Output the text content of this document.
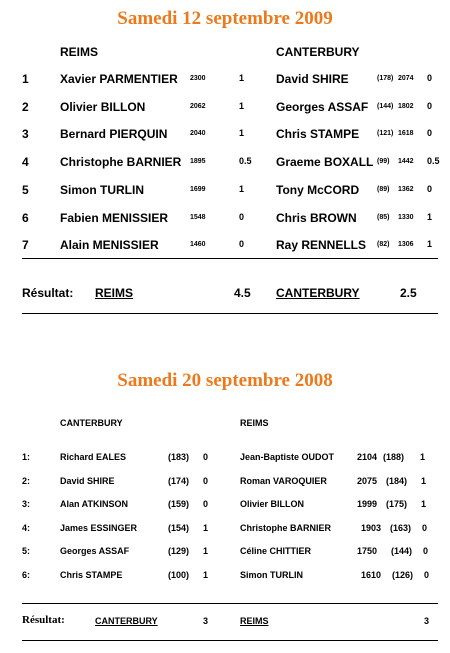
Samedi 12 septembre 2009
REIMS	CANTERBURY
1	Xavier PARMENTIER 2300	1	David SHIRE	(178) 2074 0
2	Olivier BILLON	2062	1	Georges ASSAF (144) 1802 0
3	Bernard PIERQUIN	2040	1	Chris STAMPE	(121) 1618 0
4	Christophe BARNIER 1895	0.5 Graeme BOXALL (99) 1442 0.5
5	Simon TURLIN	1699	1	Tony McCORD	(89) 1362 0
6	Fabien MENISSIER	1548	0	Chris BROWN	(85) 1330 1
7	Alain MENISSIER	1460	0	Ray RENNELLS (82) 1306 1
Résultat: REIMS	4.5 CANTERBURY	2.5
Samedi 20 septembre 2008
CANTERBURY	REIMS
1:	Richard EALES	(183) 0	Jean-Baptiste OUDOT	2104 (188) 1
2:	David SHIRE	(174) 0	Roman VAROQUIER	2075 (184) 1
3:	Alan ATKINSON	(159) 0	Olivier BILLON	1999 (175) 1
4:	James ESSINGER	(154) 1	Christophe BARNIER	1903 (163) 0
5:	Georges ASSAF	(129) 1	Céline CHITTIER	1750 (144) 0
6:	Chris STAMPE	(100) 1	Simon TURLIN	1610 (126) 0
Résultat:	CANTERBURY	3	REIMS	3
